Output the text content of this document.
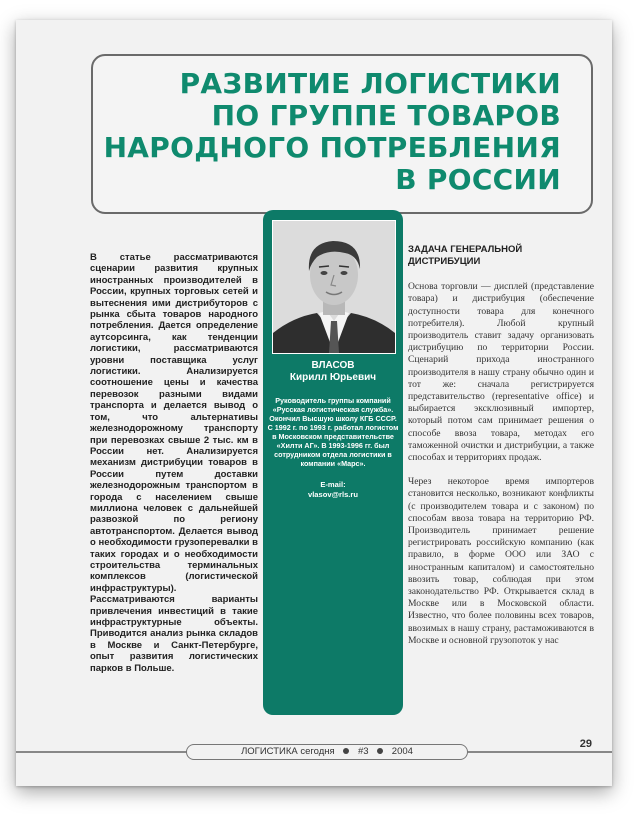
РАЗВИТИЕ ЛОГИСТИКИ
ПО ГРУППЕ ТОВАРОВ
НАРОДНОГО ПОТРЕБЛЕНИЯ
В РОССИИ

В статье рассматриваются сценарии развития крупных иностранных производителей в России, крупных торговых сетей и вытеснения ими дистрибуторов с рынка сбыта товаров народного потребления. Дается определение аутсорсинга, как тенденции логистики, рассматриваются уровни поставщика услуг логистики. Анализируется соотношение цены и качества перевозок разными видами транспорта и делается вывод о том, что альтернативы железнодорожному транспорту при перевозках свыше 2 тыс. км в России нет. Анализируется механизм дистрибуции товаров в России путем доставки железнодорожным транспортом в города с населением свыше миллиона человек с дальнейшей развозкой по региону автотранспортом. Делается вывод о необходимости грузоперевалки в таких городах и о необходимости строительства терминальных комплексов (логистической инфраструктуры). Рассматриваются варианты привлечения инвестиций в такие инфраструктурные объекты. Приводится анализ рынка складов в Москве и Санкт-Петербурге, опыт развития логистических парков в Польше.

ВЛАСОВ
Кирилл Юрьевич
Руководитель группы компаний «Русская логистическая служба». Окончил Высшую школу КГБ СССР. С 1992 г. по 1993 г. работал логистом в Московском представительстве «Хилти АГ». В 1993-1996 гг. был сотрудником отдела логистики в компании «Марс».
E-mail:
vlasov@rls.ru
ЗАДАЧА ГЕНЕРАЛЬНОЙ ДИСТРИБУЦИИ

Основа торговли — дисплей (представление товара) и дистрибуция (обеспечение доступности товара для конечного потребителя). Любой крупный производитель ставит задачу организовать дистрибуцию по территории России. Сценарий прихода иностранного производителя в нашу страну обычно один и тот же: сначала регистрируется представительство (representative office) и выбирается эксклюзивный импортер, который потом сам принимает решения о способе ввоза товара, методах его таможенной очистки и дистрибуции, а также способах и территориях продаж.

Через некоторое время импортеров становится несколько, возникают конфликты (с производителем товара и с законом) по способам ввоза товара на территорию РФ. Производитель принимает решение регистрировать российскую компанию (как правило, в форме ООО или ЗАО с иностранным капиталом) и самостоятельно ввозить товар, соблюдая при этом законодательство РФ. Открывается склад в Москве или в Московской области. Известно, что более половины всех товаров, ввозимых в нашу страну, растаможиваются в Москве и основной грузопоток у нас

ЛОГИСТИКА сегодня #3 2004
29
